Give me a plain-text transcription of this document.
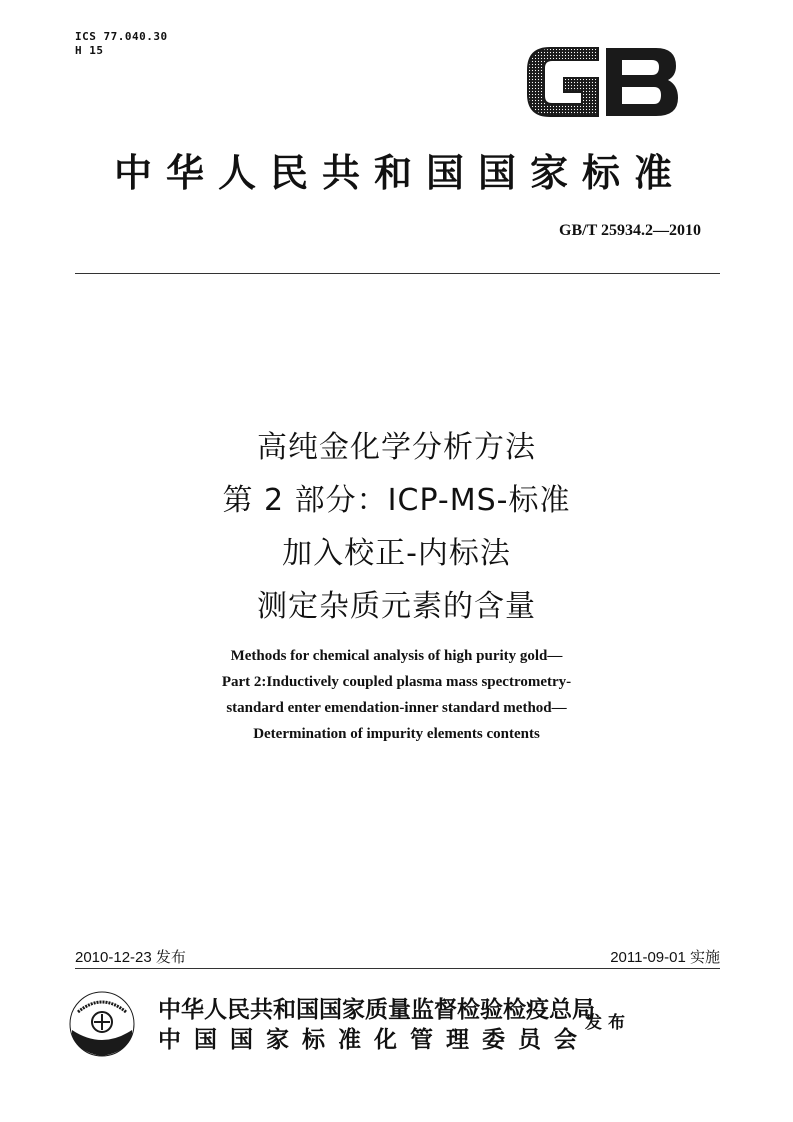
ICS 77.040.30
H 15
中华人民共和国国家标准
GB/T 25934.2—2010
高纯金化学分析方法
第 2 部分：ICP-MS-标准
加入校正-内标法
测定杂质元素的含量
Methods for chemical analysis of high purity gold—
Part 2:Inductively coupled plasma mass spectrometry-
standard enter emendation-inner standard method—
Determination of impurity elements contents
2010-12-23 发布	2011-09-01 实施
中华人民共和国国家质量监督检验检疫总局
中国国家标准化管理委员会
发布
